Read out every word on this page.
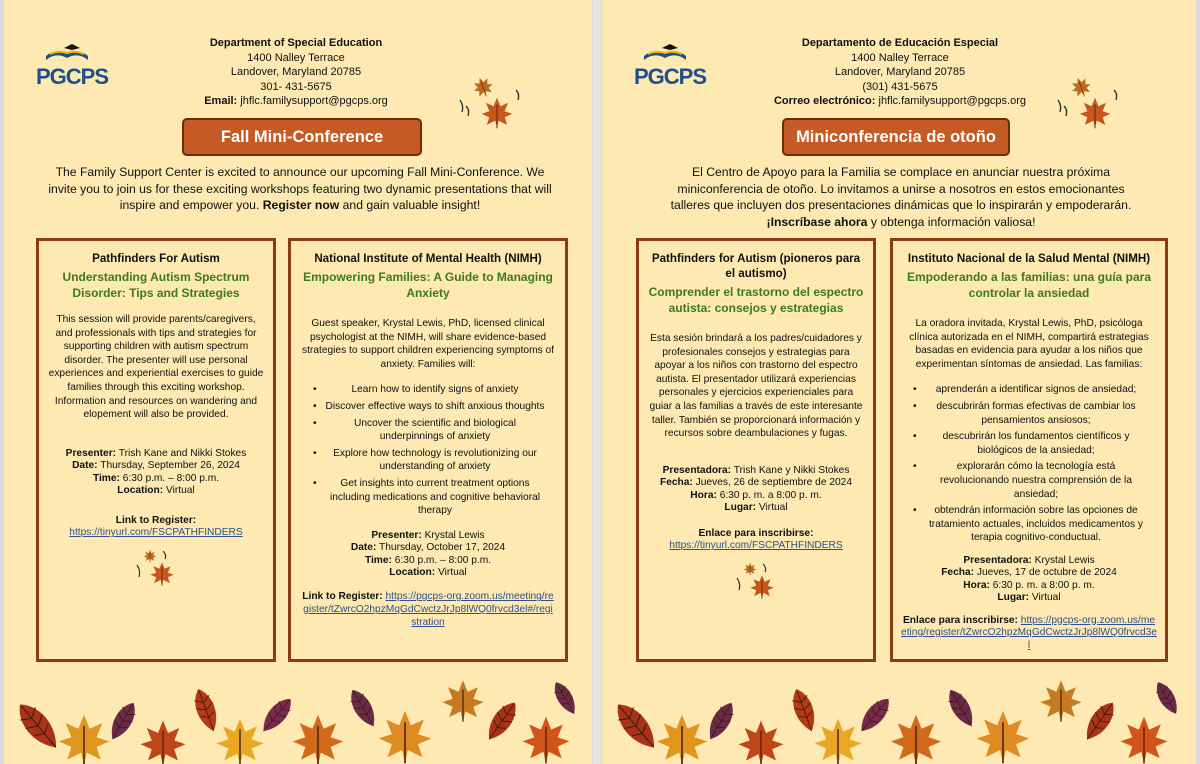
PGCPS
Department of Special Education
1400 Nalley Terrace
Landover, Maryland 20785
301- 431-5675
Email: jhflc.familysupport@pgcps.org
Fall Mini-Conference
The Family Support Center is excited to announce our upcoming Fall Mini-Conference. We invite you to join us for these exciting workshops featuring two dynamic presentations that will inspire and empower you. Register now and gain valuable insight!
Pathfinders For Autism
Understanding Autism Spectrum Disorder: Tips and Strategies
This session will provide parents/caregivers, and professionals with tips and strategies for supporting children with autism spectrum disorder. The presenter will use personal experiences and experiential exercises to guide families through this exciting workshop. Information and resources on wandering and elopement will also be provided.
Presenter: Trish Kane and Nikki Stokes
Date: Thursday, September 26, 2024
Time: 6:30 p.m. – 8:00 p.m.
Location: Virtual
Link to Register:
https://tinyurl.com/FSCPATHFINDERS
National Institute of Mental Health (NIMH)
Empowering Families: A Guide to Managing Anxiety
Guest speaker, Krystal Lewis, PhD, licensed clinical psychologist at the NIMH, will share evidence-based strategies to support children experiencing symptoms of anxiety. Families will:
• Learn how to identify signs of anxiety
• Discover effective ways to shift anxious thoughts
• Uncover the scientific and biological underpinnings of anxiety
• Explore how technology is revolutionizing our understanding of anxiety
• Get insights into current treatment options including medications and cognitive behavioral therapy
Presenter: Krystal Lewis
Date: Thursday, October 17, 2024
Time: 6:30 p.m. – 8:00 p.m.
Location: Virtual
Link to Register: https://pgcps-org.zoom.us/meeting/register/tZwrcO2hpzMqGdCwctzJrJp8lWQ0frvcd3el#/registration
PGCPS
Departamento de Educación Especial
1400 Nalley Terrace
Landover, Maryland 20785
(301) 431-5675
Correo electrónico: jhflc.familysupport@pgcps.org
Miniconferencia de otoño
El Centro de Apoyo para la Familia se complace en anunciar nuestra próxima miniconferencia de otoño. Lo invitamos a unirse a nosotros en estos emocionantes talleres que incluyen dos presentaciones dinámicas que lo inspirarán y empoderarán. ¡Inscríbase ahora y obtenga información valiosa!
Pathfinders for Autism (pioneros para el autismo)
Comprender el trastorno del espectro autista: consejos y estrategias
Esta sesión brindará a los padres/cuidadores y profesionales consejos y estrategias para apoyar a los niños con trastorno del espectro autista. El presentador utilizará experiencias personales y ejercicios experienciales para guiar a las familias a través de este interesante taller. También se proporcionará información y recursos sobre deambulaciones y fugas.
Presentadora: Trish Kane y Nikki Stokes
Fecha: Jueves, 26 de septiembre de 2024
Hora: 6:30 p. m. a 8:00 p. m.
Lugar: Virtual
Enlace para inscribirse:
https://tinyurl.com/FSCPATHFINDERS
Instituto Nacional de la Salud Mental (NIMH)
Empoderando a las familias: una guía para controlar la ansiedad
La oradora invitada, Krystal Lewis, PhD, psicóloga clínica autorizada en el NIMH, compartirá estrategias basadas en evidencia para ayudar a los niños que experimentan síntomas de ansiedad. Las familias:
• aprenderán a identificar signos de ansiedad;
• descubrirán formas efectivas de cambiar los pensamientos ansiosos;
• descubrirán los fundamentos científicos y biológicos de la ansiedad;
• explorarán cómo la tecnología está revolucionando nuestra comprensión de la ansiedad;
• obtendrán información sobre las opciones de tratamiento actuales, incluidos medicamentos y terapia cognitivo-conductual.
Presentadora: Krystal Lewis
Fecha: Jueves, 17 de octubre de 2024
Hora: 6:30 p. m. a 8:00 p. m.
Lugar: Virtual
Enlace para inscribirse: https://pgcps-org.zoom.us/meeting/register/tZwrcO2hpzMqGdCwctzJrJp8lWQ0frvcd3el
